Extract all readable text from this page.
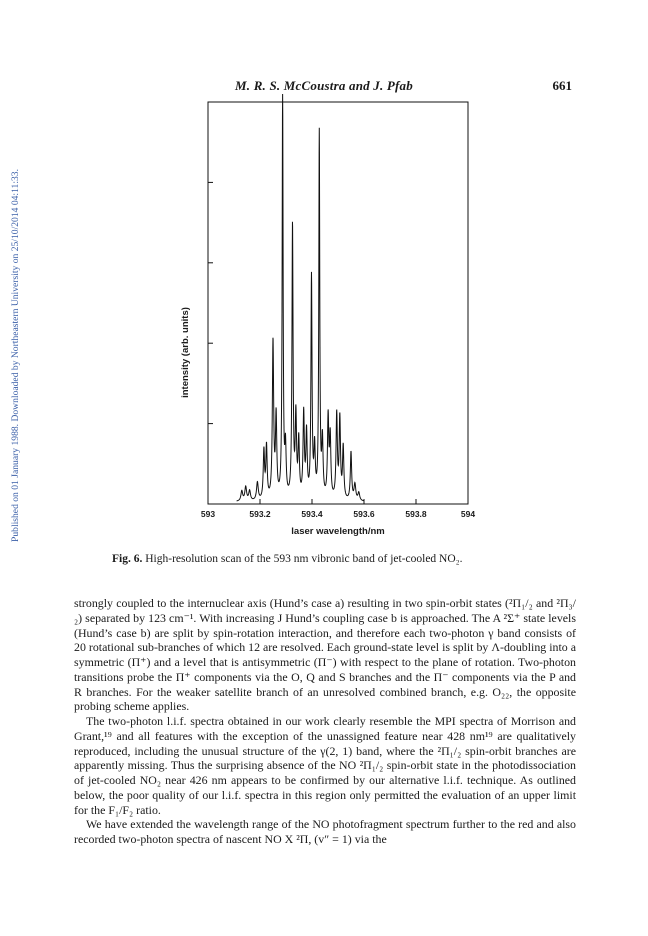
Published on 01 January 1988. Downloaded by Northeastern University on 25/10/2014 04:11:33.
M. R. S. McCoustra and J. Pfab	661
intensity (arb. units)
593	593.2	593.4	593.6	593.8	594
laser wavelength/nm
Fig. 6. High-resolution scan of the 593 nm vibronic band of jet-cooled NO₂.

strongly coupled to the internuclear axis (Hund’s case a) resulting in two spin-orbit states (²Π₁/₂ and ²Π₃/₂) separated by 123 cm⁻¹. With increasing J Hund’s coupling case b is approached. The A ²Σ⁺ state levels (Hund’s case b) are split by spin-rotation interaction, and therefore each two-photon γ band consists of 20 rotational sub-branches of which 12 are resolved. Each ground-state level is split by Λ-doubling into a symmetric (Π⁺) and a level that is antisymmetric (Π⁻) with respect to the plane of rotation. Two-photon transitions probe the Π⁺ components via the O, Q and S branches and the Π⁻ components via the P and R branches. For the weaker satellite branch of an unresolved combined branch, e.g. O₂₂, the opposite probing scheme applies.

The two-photon l.i.f. spectra obtained in our work clearly resemble the MPI spectra of Morrison and Grant,¹⁹ and all features with the exception of the unassigned feature near 428 nm¹⁹ are qualitatively reproduced, including the unusual structure of the γ(2, 1) band, where the ²Π₁/₂ spin-orbit branches are apparently missing. Thus the surprising absence of the NO ²Π₁/₂ spin-orbit state in the photodissociation of jet-cooled NO₂ near 426 nm appears to be confirmed by our alternative l.i.f. technique. As outlined below, the poor quality of our l.i.f. spectra in this region only permitted the evaluation of an upper limit for the F₁/F₂ ratio.

We have extended the wavelength range of the NO photofragment spectrum further to the red and also recorded two-photon spectra of nascent NO X ²Π, (v″ = 1) via the
